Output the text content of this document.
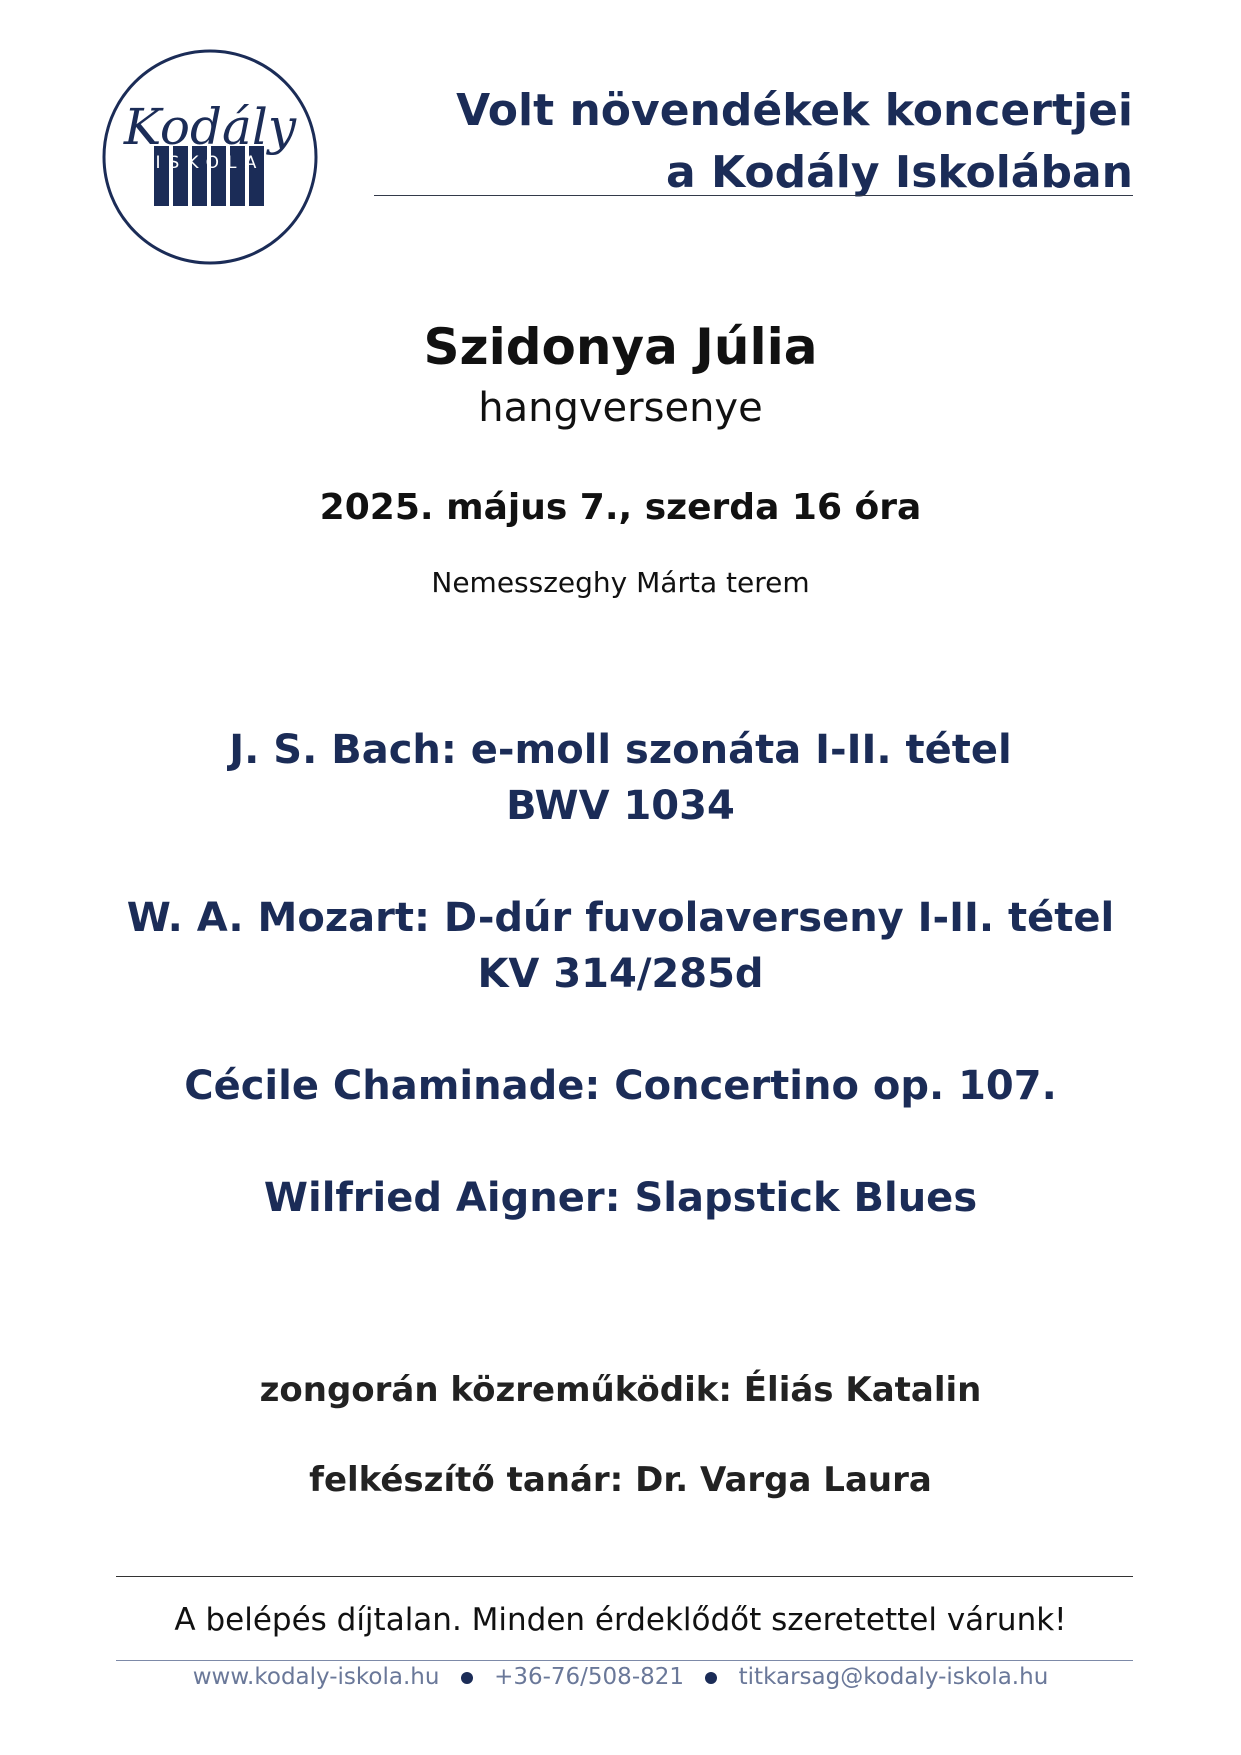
Kodály
ISKOLA
Volt növendékek koncertjei
a Kodály Iskolában
Szidonya Júlia
hangversenye
2025. május 7., szerda 16 óra
Nemesszeghy Márta terem
J. S. Bach: e-moll szonáta I-II. tétel
BWV 1034
W. A. Mozart: D-dúr fuvolaverseny I-II. tétel
KV 314/285d
Cécile Chaminade: Concertino op. 107.
Wilfried Aigner: Slapstick Blues
zongorán közreműködik: Éliás Katalin
felkészítő tanár: Dr. Varga Laura
A belépés díjtalan. Minden érdeklődőt szeretettel várunk!
www.kodaly-iskola.hu +36-76/508-821 titkarsag@kodaly-iskola.hu
